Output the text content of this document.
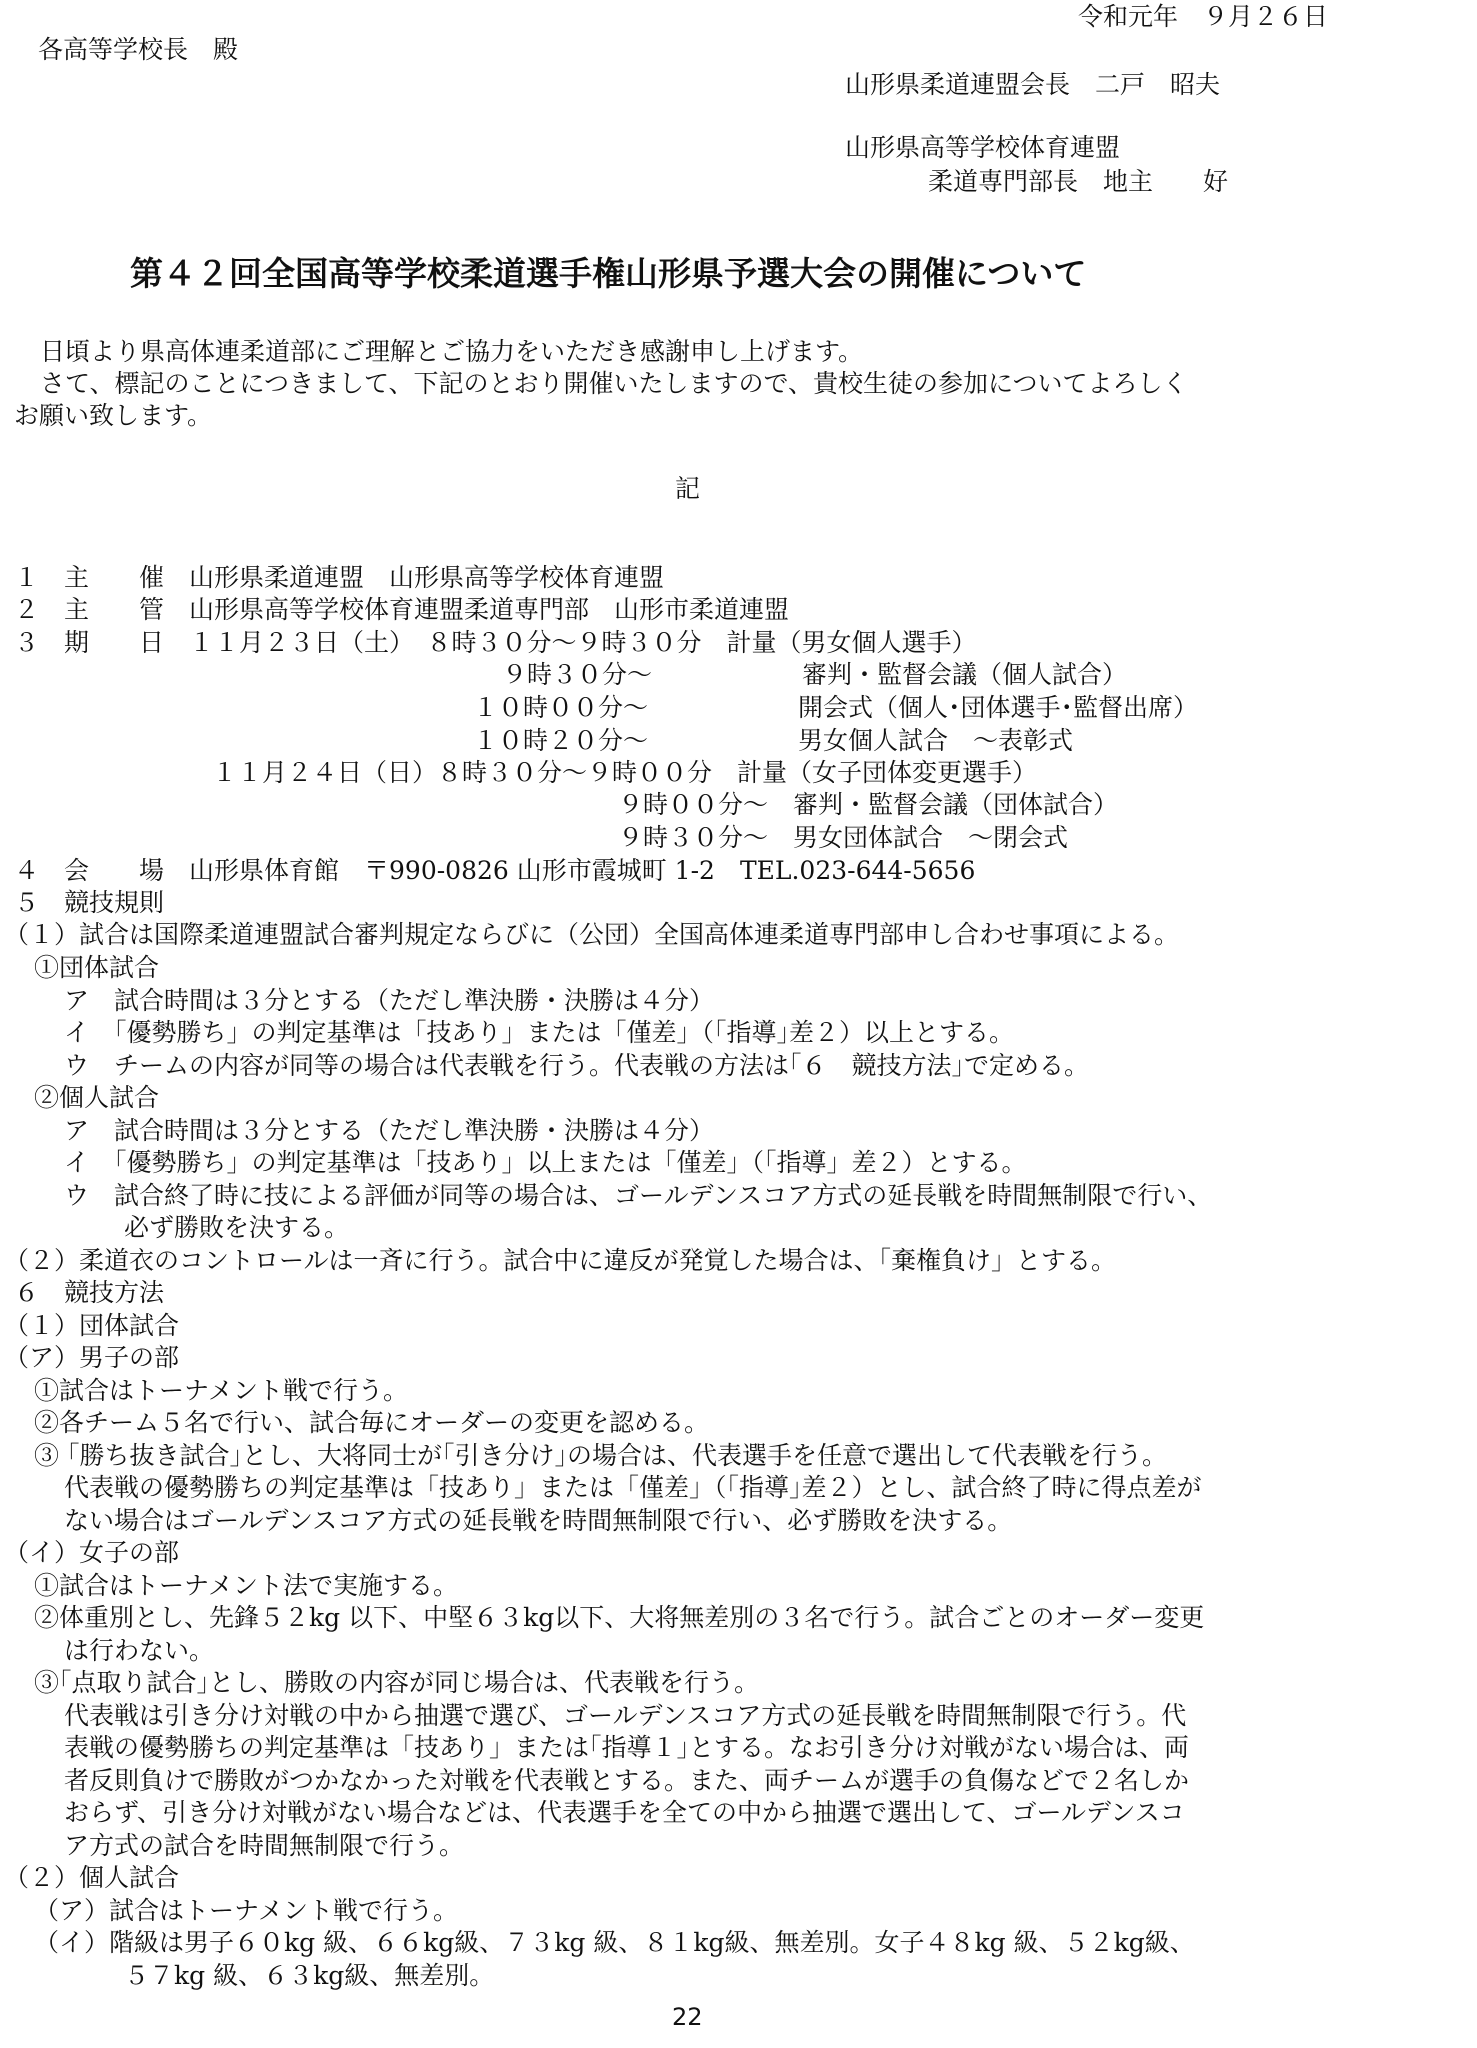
令和元年　９月２６日
各高等学校長　殿
山形県柔道連盟会長　二戸　昭夫
山形県高等学校体育連盟
柔道専門部長　地主　　好
第４２回全国高等学校柔道選手権山形県予選大会の開催について
日頃より県高体連柔道部にご理解とご協力をいただき感謝申し上げます。
さて、標記のことにつきまして、下記のとおり開催いたしますので、貴校生徒の参加についてよろしく
お願い致します。
記
１　主　　催　山形県柔道連盟　山形県高等学校体育連盟
２　主　　管　山形県高等学校体育連盟柔道専門部　山形市柔道連盟
３　期　　日　１１月２３日（土）　８時３０分～９時３０分　計量（男女個人選手）
９時３０分～　　　　　　審判・監督会議（個人試合）
１０時００分～　　　　　　開会式（個人･団体選手･監督出席）
１０時２０分～　　　　　　男女個人試合　～表彰式
１１月２４日（日）８時３０分～９時００分　計量（女子団体変更選手）
９時００分～　審判・監督会議（団体試合）
９時３０分～　男女団体試合　～閉会式
４　会　　場　山形県体育館　〒990-0826 山形市霞城町 1-2　TEL.023-644-5656
５　競技規則
（１）試合は国際柔道連盟試合審判規定ならびに（公団）全国高体連柔道専門部申し合わせ事項による。
①団体試合
ア　試合時間は３分とする（ただし準決勝・決勝は４分）
イ　「優勢勝ち」の判定基準は「技あり」または「僅差」（｢指導｣差２）以上とする。
ウ　チームの内容が同等の場合は代表戦を行う。代表戦の方法は｢６　競技方法｣で定める。
②個人試合
ア　試合時間は３分とする（ただし準決勝・決勝は４分）
イ　「優勢勝ち」の判定基準は「技あり」以上または「僅差」（「指導」差２）とする。
ウ　試合終了時に技による評価が同等の場合は、ゴールデンスコア方式の延長戦を時間無制限で行い、
必ず勝敗を決する。
（２）柔道衣のコントロールは一斉に行う。試合中に違反が発覚した場合は、「棄権負け」とする。
６　競技方法
（１）団体試合
（ア）男子の部
①試合はトーナメント戦で行う。
②各チーム５名で行い、試合毎にオーダーの変更を認める。
③ ｢勝ち抜き試合｣とし、大将同士が｢引き分け｣の場合は、代表選手を任意で選出して代表戦を行う。
代表戦の優勢勝ちの判定基準は「技あり」または「僅差」（｢指導｣差２）とし、試合終了時に得点差が
ない場合はゴールデンスコア方式の延長戦を時間無制限で行い、必ず勝敗を決する。
（イ）女子の部
①試合はトーナメント法で実施する。
②体重別とし、先鋒５２kg 以下、中堅６３kg以下、大将無差別の３名で行う。試合ごとのオーダー変更
は行わない。
③｢点取り試合｣とし、勝敗の内容が同じ場合は、代表戦を行う。
代表戦は引き分け対戦の中から抽選で選び、ゴールデンスコア方式の延長戦を時間無制限で行う。代
表戦の優勢勝ちの判定基準は「技あり」または｢指導１｣とする。なお引き分け対戦がない場合は、両
者反則負けで勝敗がつかなかった対戦を代表戦とする。また、両チームが選手の負傷などで２名しか
おらず、引き分け対戦がない場合などは、代表選手を全ての中から抽選で選出して、ゴールデンスコ
ア方式の試合を時間無制限で行う。
（２）個人試合
（ア）試合はトーナメント戦で行う。
（イ）階級は男子６０kg 級、６６kg級、７３kg 級、８１kg級、無差別。女子４８kg 級、５２kg級、
５７kg 級、６３kg級、無差別。
22
